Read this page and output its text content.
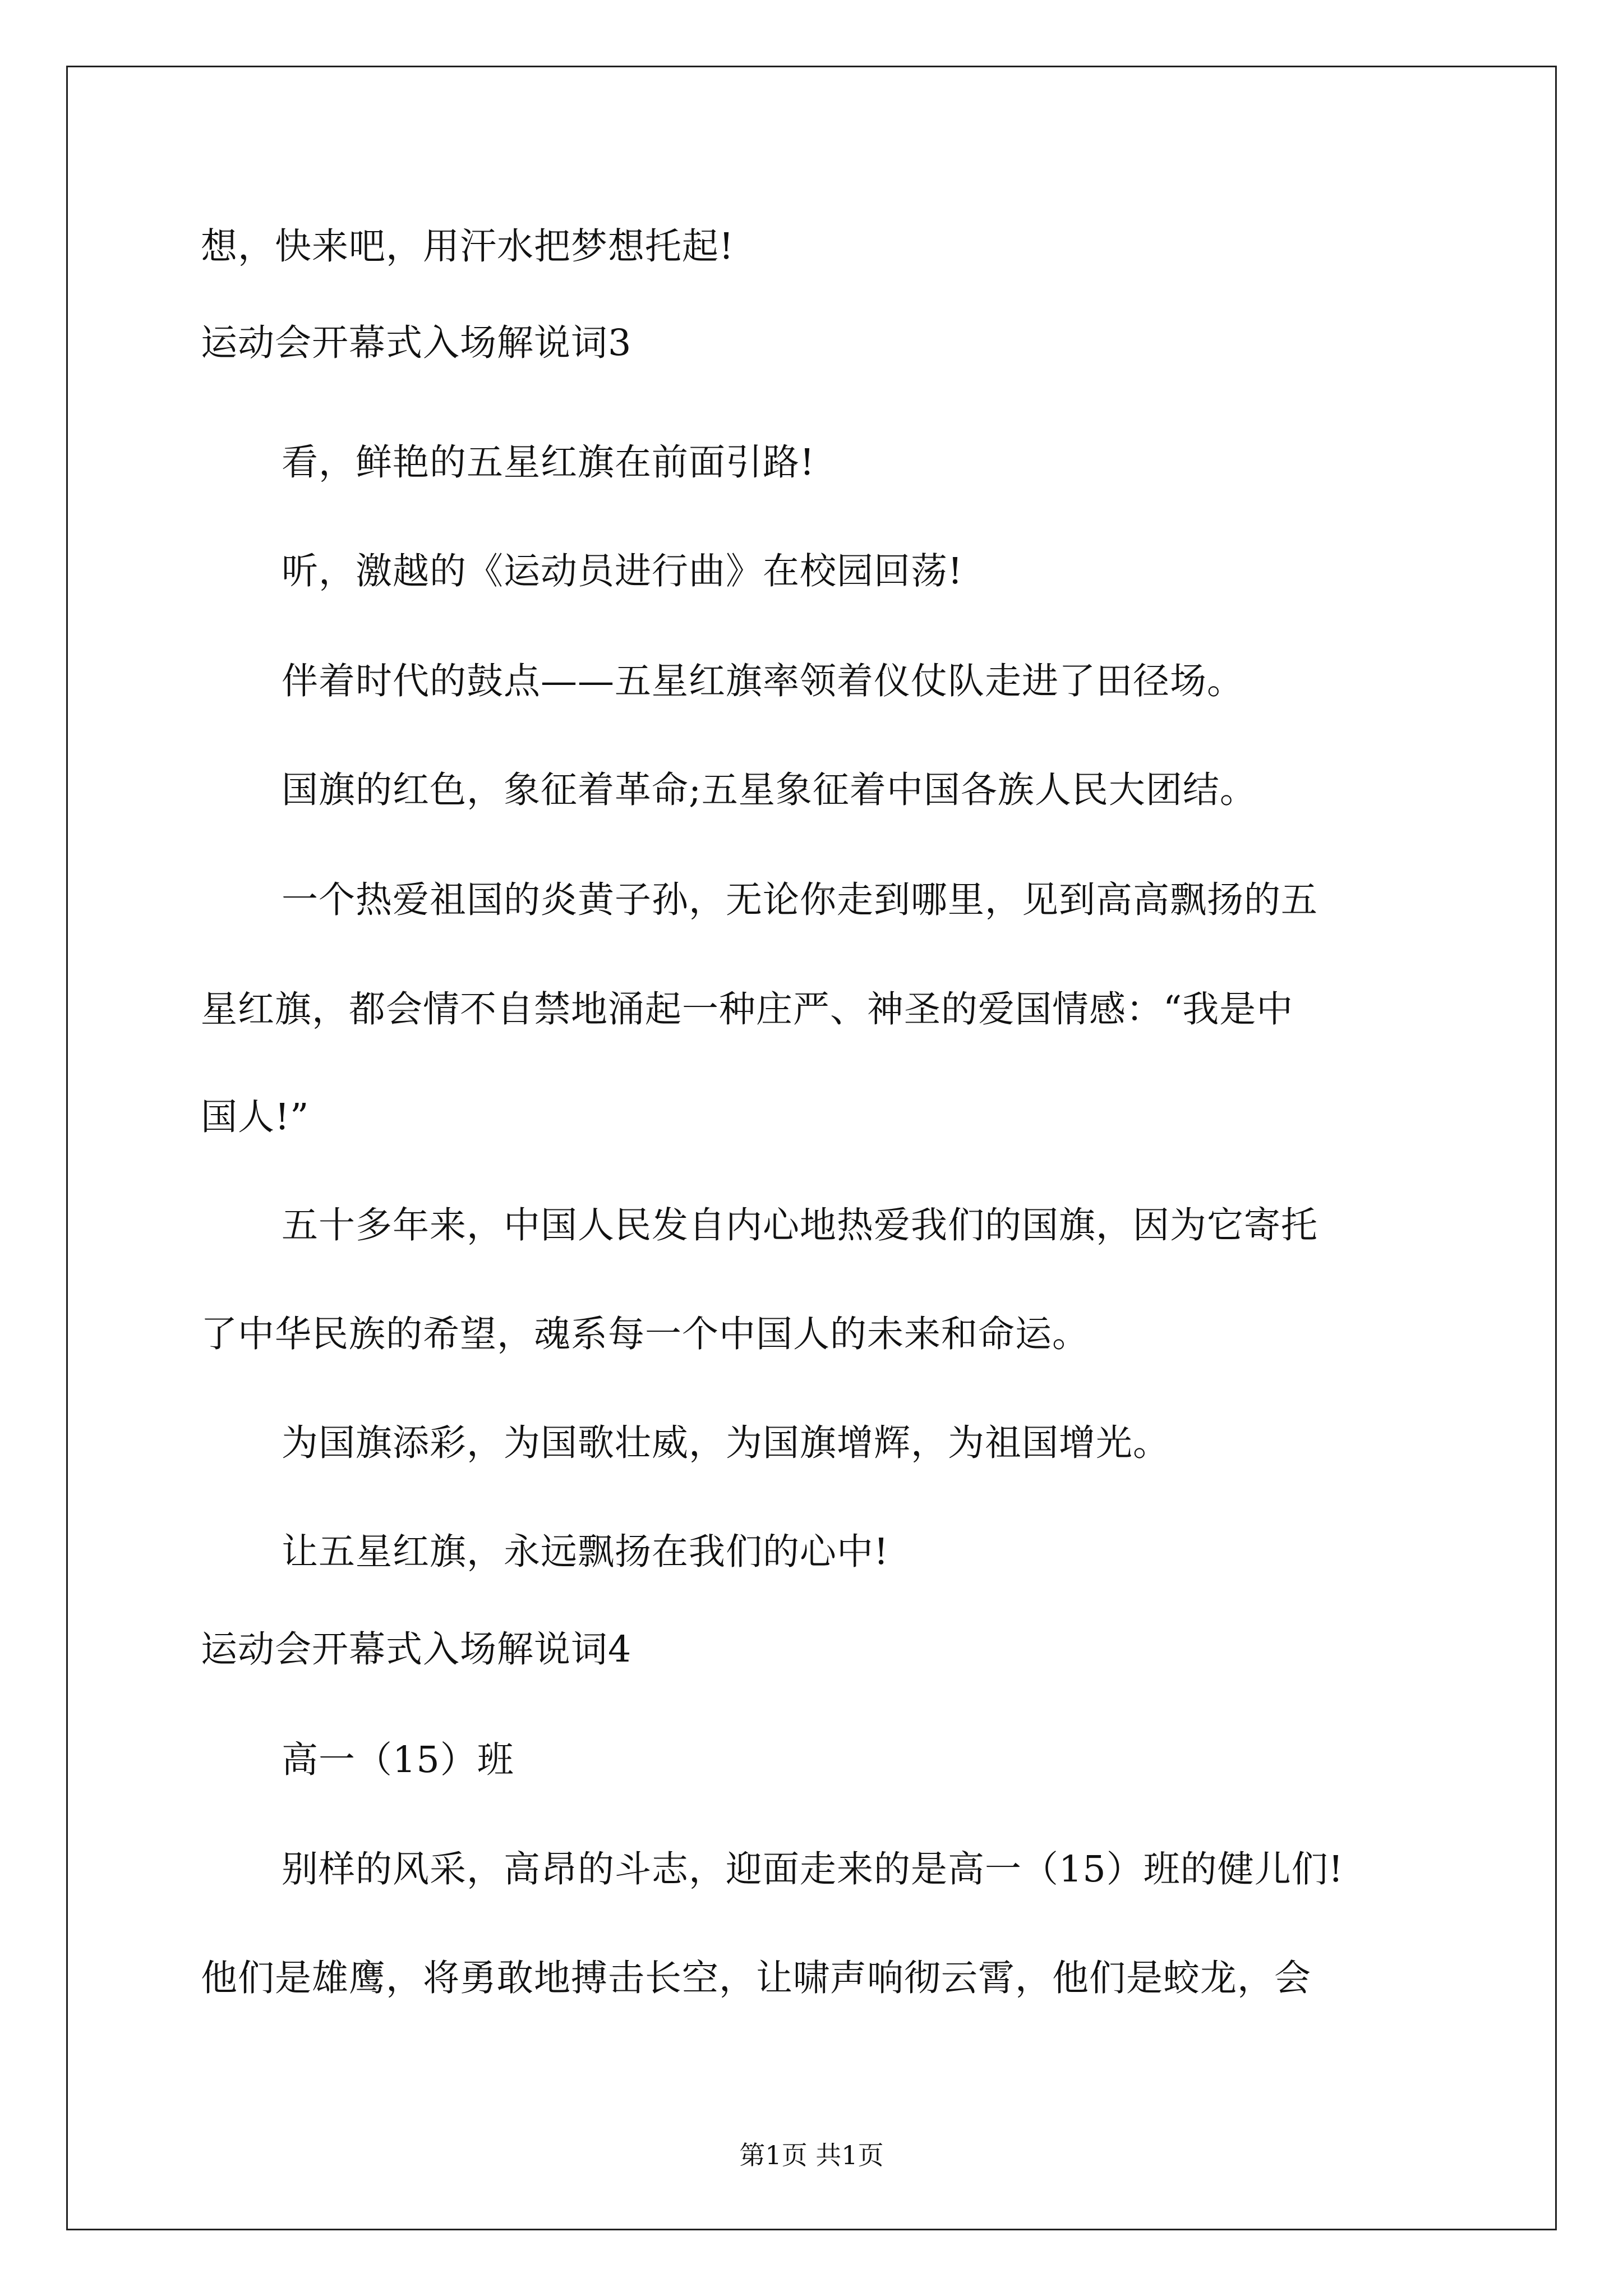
想，快来吧，用汗水把梦想托起!
运动会开幕式入场解说词3
看，鲜艳的五星红旗在前面引路!
听，激越的《运动员进行曲》在校园回荡!
伴着时代的鼓点——五星红旗率领着仪仗队走进了田径场。
国旗的红色，象征着革命;五星象征着中国各族人民大团结。
一个热爱祖国的炎黄子孙，无论你走到哪里，见到高高飘扬的五
星红旗，都会情不自禁地涌起一种庄严、神圣的爱国情感：“我是中
国人!”
五十多年来，中国人民发自内心地热爱我们的国旗，因为它寄托
了中华民族的希望，魂系每一个中国人的未来和命运。
为国旗添彩，为国歌壮威，为国旗增辉，为祖国增光。
让五星红旗，永远飘扬在我们的心中!
运动会开幕式入场解说词4
高一（15）班
别样的风采，高昂的斗志，迎面走来的是高一（15）班的健儿们!
他们是雄鹰，将勇敢地搏击长空，让啸声响彻云霄，他们是蛟龙，会
第1页 共1页
